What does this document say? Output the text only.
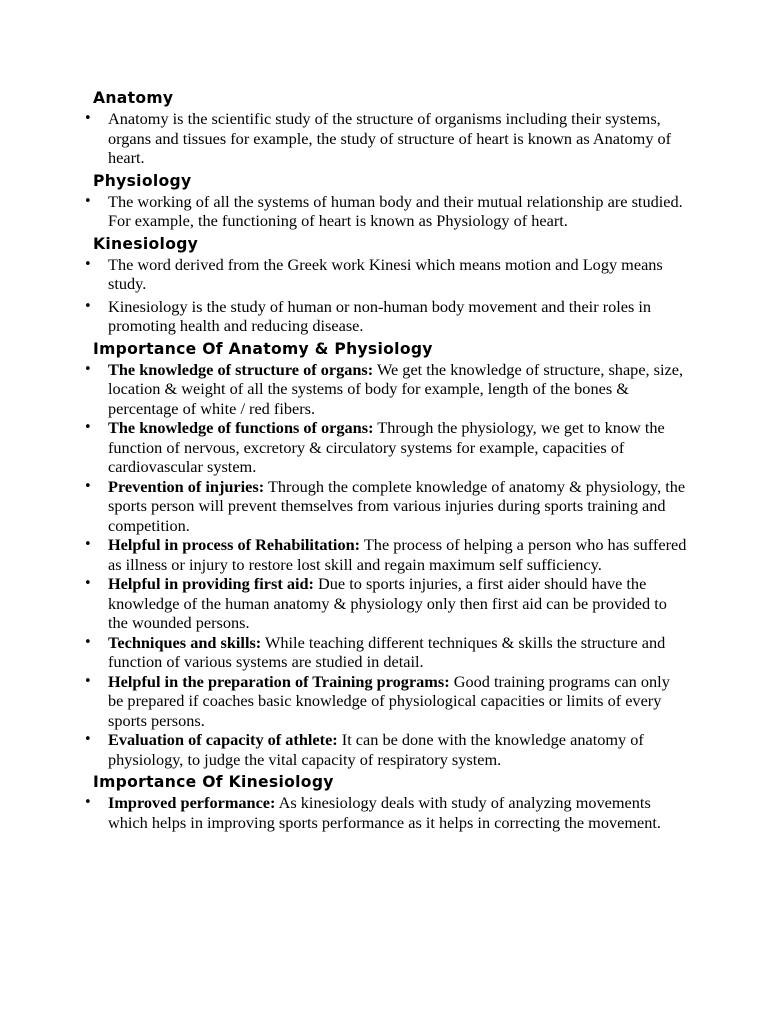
Anatomy
• Anatomy is the scientific study of the structure of organisms including their systems, organs and tissues for example, the study of structure of heart is known as Anatomy of heart.
Physiology
• The working of all the systems of human body and their mutual relationship are studied. For example, the functioning of heart is known as Physiology of heart.
Kinesiology
• The word derived from the Greek work Kinesi which means motion and Logy means study.
• Kinesiology is the study of human or non-human body movement and their roles in promoting health and reducing disease.
Importance Of Anatomy & Physiology
• The knowledge of structure of organs: We get the knowledge of structure, shape, size, location & weight of all the systems of body for example, length of the bones & percentage of white / red fibers.
• The knowledge of functions of organs: Through the physiology, we get to know the function of nervous, excretory & circulatory systems for example, capacities of cardiovascular system.
• Prevention of injuries: Through the complete knowledge of anatomy & physiology, the sports person will prevent themselves from various injuries during sports training and competition.
• Helpful in process of Rehabilitation: The process of helping a person who has suffered as illness or injury to restore lost skill and regain maximum self sufficiency.
• Helpful in providing first aid: Due to sports injuries, a first aider should have the knowledge of the human anatomy & physiology only then first aid can be provided to the wounded persons.
• Techniques and skills: While teaching different techniques & skills the structure and function of various systems are studied in detail.
• Helpful in the preparation of Training programs: Good training programs can only be prepared if coaches basic knowledge of physiological capacities or limits of every sports persons.
• Evaluation of capacity of athlete: It can be done with the knowledge anatomy of physiology, to judge the vital capacity of respiratory system.
Importance Of Kinesiology
• Improved performance: As kinesiology deals with study of analyzing movements which helps in improving sports performance as it helps in correcting the movement.
